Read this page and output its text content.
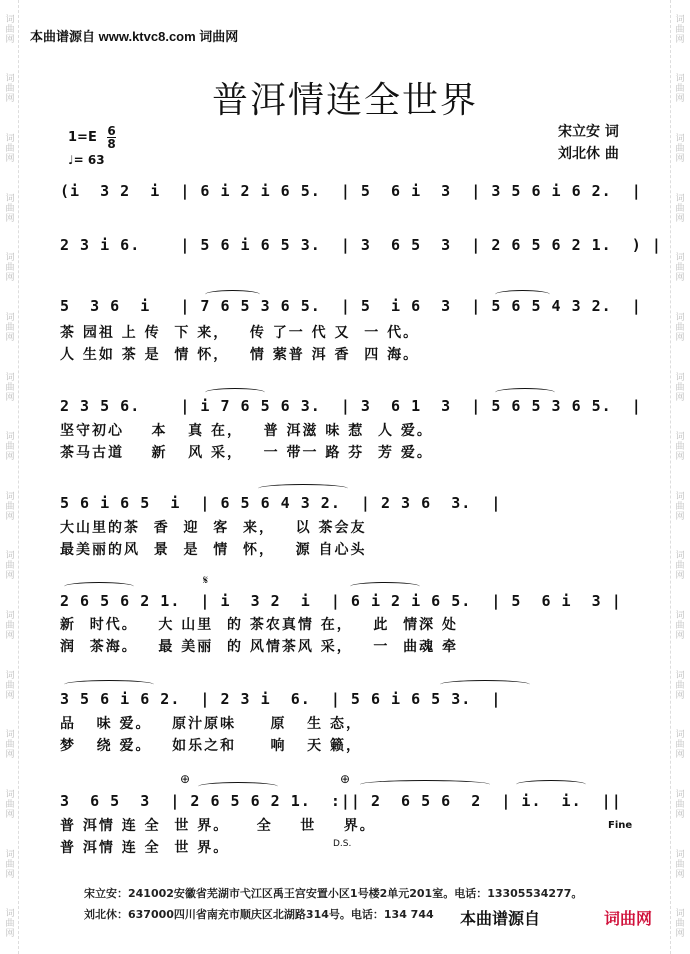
词
曲
网
词
曲
网
词
曲
网
词
曲
网
词
曲
网
词
曲
网
词
曲
网
词
曲
网
词
曲
网
词
曲
网
词
曲
网
词
曲
网
词
曲
网
词
曲
网
词
曲
网
词
曲
网
词
曲
网
词
曲
网
词
曲
网
词
曲
网
词
曲
网
词
曲
网
词
曲
网
词
曲
网
词
曲
网
词
曲
网
词
曲
网
词
曲
网
词
曲
网
词
曲
网
词
曲
网
词
曲
网
本曲谱源自 www.ktvc8.com 词曲网
普洱情连全世界
$1=E \frac{6}{8}$
♩= 63
宋立安 词
刘北休 曲
(i  3 2  i  | 6 i 2 i 6 5.  | 5  6 i  3  | 3 5 6 i 6 2.  |
2 3 i 6.    | 5 6 i 6 5 3.  | 3  6 5  3  | 2 6 5 6 2 1.  ) |
5  3 6  i   | 7 6 5 3 6 5.  | 5  i 6  3  | 5 6 5 4 3 2.  |
茶 园祖 上 传  下 来，   传 了一 代 又  一 代。
人 生如 茶 是  情 怀，   情 萦普 洱 香  四 海。
2 3 5 6.    | i 7 6 5 6 3.  | 3  6 1  3  | 5 6 5 3 6 5.  |
坚守初心    本   真 在，   普 洱滋 味 惹  人 爱。
茶马古道    新   风 采，   一 带一 路 芬  芳 爱。
5 6 i 6 5  i  | 6 5 6 4 3 2.  | 2 3 6  3.  |
大山里的茶  香  迎  客  来，   以 茶会友
最美丽的风  景  是  情  怀，   源 自心头
𝄋
2 6 5 6 2 1.  | i  3 2  i  | 6 i 2 i 6 5.  | 5  6 i  3 |
新  时代。   大 山里  的 茶农真情 在，   此  情深 处
润  茶海。   最 美丽  的 风情茶风 采，   一  曲魂 牵
3 5 6 i 6 2.  | 2 3 i  6.  | 5 6 i 6 5 3.  |
品   味 爱。   原汁原味     原   生 态，
梦   绕 爱。   如乐之和     响   天 籁，
⊕	⊕
3  6 5  3  | 2 6 5 6 2 1.  :|| 2  6 5 6  2  | i.  i.  ||
普 洱情 连 全  世 界。    全    世    界。
普 洱情 连 全  世 界。
Fine
D.S.
宋立安：241002安徽省芜湖市弋江区禹王宫安置小区1号楼2单元201室。电话：13305534277。
刘北休：637000四川省南充市顺庆区北湖路314号。电话：134 744 本曲谱源自	词曲网
